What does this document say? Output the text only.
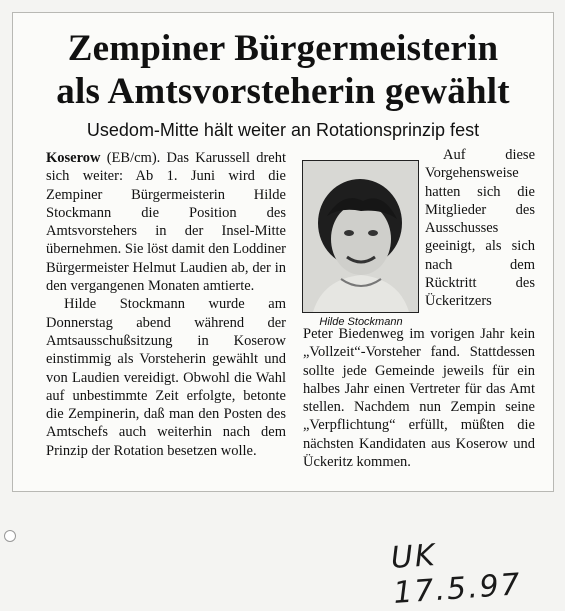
Zempiner Bürgermeisterin
als Amtsvorsteherin gewählt
Usedom-Mitte hält weiter an Rotationsprinzip fest

Koserow (EB/cm). Das Karussell dreht sich weiter: Ab 1. Juni wird die Zempiner Bürgermeisterin Hilde Stockmann die Position des Amtsvorstehers in der Insel-Mitte übernehmen. Sie löst damit den Loddiner Bürgermeister Helmut Laudien ab, der in den vergangenen Monaten amtierte.

Hilde Stockmann wurde am Donnerstag abend während der Amtsausschußsitzung in Koserow einstimmig als Vorsteherin gewählt und von Laudien vereidigt. Obwohl die Wahl auf unbestimmte Zeit erfolgte, betonte die Zempinerin, daß man den Posten des Amtschefs auch weiterhin nach dem Prinzip der Rotation besetzen wolle.

Hilde Stockmann

Auf diese Vorgehensweise hatten sich die Mitglieder des Ausschusses geeinigt, als sich nach dem Rücktritt des Ückeritzers

Peter Biedenweg im vorigen Jahr kein „Vollzeit“-Vorsteher fand. Stattdessen sollte jede Gemeinde jeweils für ein halbes Jahr einen Vertreter für das Amt stellen. Nachdem nun Zempin seine „Verpflichtung“ erfüllt, müßten die nächsten Kandidaten aus Koserow und Ückeritz kommen.

UK 17.5.97
